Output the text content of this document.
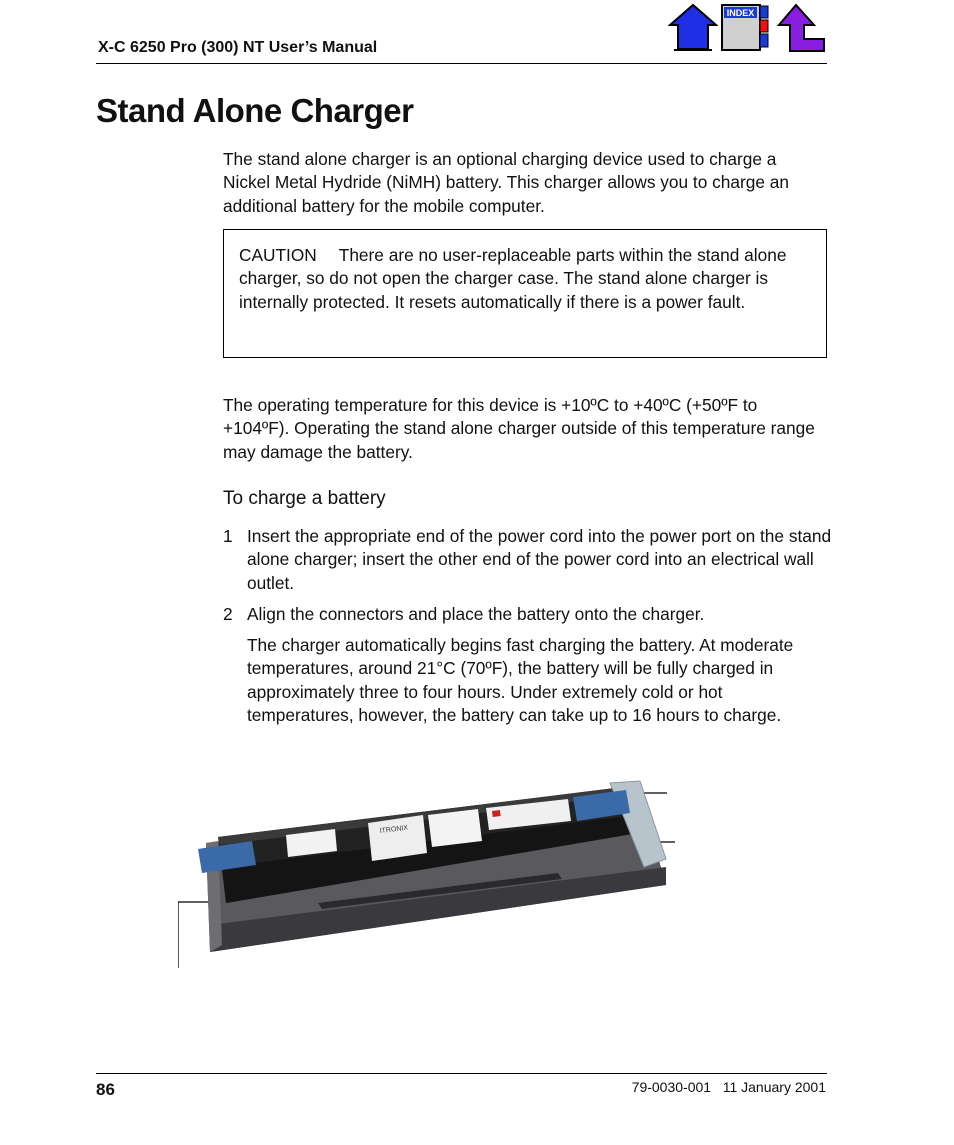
X-C 6250 Pro (300) NT User’s Manual
INDEX
Stand Alone Charger
The stand alone charger is an optional charging device used to charge a Nickel Metal Hydride (NiMH) battery. This charger allows you to charge an additional battery for the mobile computer.
CAUTION There are no user-replaceable parts within the stand alone charger, so do not open the charger case. The stand alone charger is internally protected. It resets automatically if there is a power fault.
The operating temperature for this device is +10ºC to +40ºC (+50ºF to +104ºF). Operating the stand alone charger outside of this temperature range may damage the battery.
To charge a battery
1 Insert the appropriate end of the power cord into the power port on the stand alone charger; insert the other end of the power cord into an electrical wall outlet.
2 Align the connectors and place the battery onto the charger.
The charger automatically begins fast charging the battery. At moderate temperatures, around 21°C (70ºF), the battery will be fully charged in approximately three to four hours. Under extremely cold or hot temperatures, however, the battery can take up to 16 hours to charge.
ITRONIX
86	79-0030-001   11 January 2001
